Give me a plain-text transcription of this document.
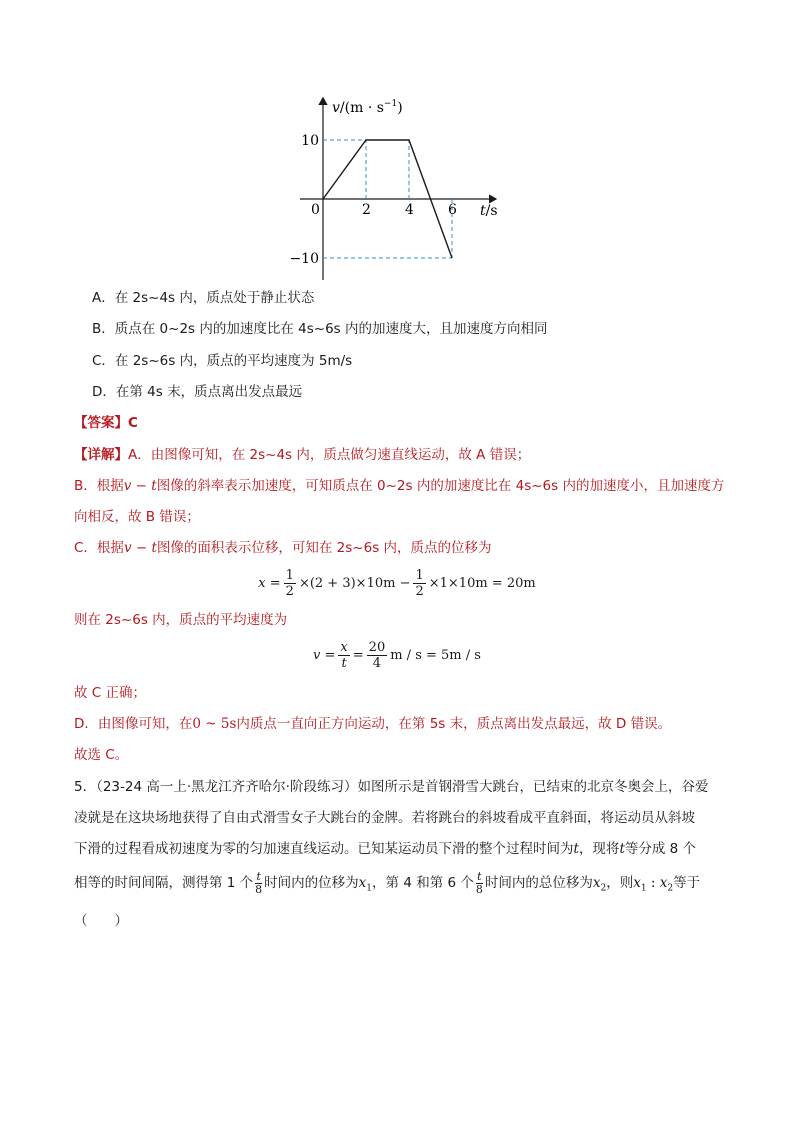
2 4 6
10
−10
$v/(m \cdot s^{-1})$
t/s
0
A．在 2s~4s 内，质点处于静止状态
B．质点在 0~2s 内的加速度比在 4s~6s 内的加速度大，且加速度方向相同
C．在 2s~6s 内，质点的平均速度为 5m/s
D．在第 4s 末，质点离出发点最远
【答案】C
【详解】A．由图像可知，在 2s~4s 内，质点做匀速直线运动，故 A 错误；
B．根据v − t图像的斜率表示加速度，可知质点在 0~2s 内的加速度比在 4s~6s 内的加速度小，且加速度方
向相反，故 B 错误；
C．根据v − t图像的面积表示位移，可知在 2s~6s 内，质点的位移为
$x = \frac{1}{2} \times(2 + 3)\times 10m - \frac{1}{2} \times 1\times 10m = 20m$
则在 2s~6s 内，质点的平均速度为
$v = \frac{x}{t} = \frac{20}{4}$ m / s = 5m / s
故 C 正确；
D．由图像可知，在0 ~ 5s内质点一直向正方向运动，在第 5s 末，质点离出发点最远，故 D 错误。
故选 C。
5．（23-24 高一上·黑龙江齐齐哈尔·阶段练习）如图所示是首钢滑雪大跳台，已结束的北京冬奥会上，谷爱
凌就是在这块场地获得了自由式滑雪女子大跳台的金牌。若将跳台的斜坡看成平直斜面，将运动员从斜坡
下滑的过程看成初速度为零的匀加速直线运动。已知某运动员下滑的整个过程时间为t，现将t等分成 8 个
相等的时间间隔，测得第 1 个 $\frac{t}{8}$ 时间内的位移为$x_1$，第 4 和第 6 个 $\frac{t}{8}$ 时间内的总位移为$x_2$，则$x_1$ : $x_2$等于
（　　）
